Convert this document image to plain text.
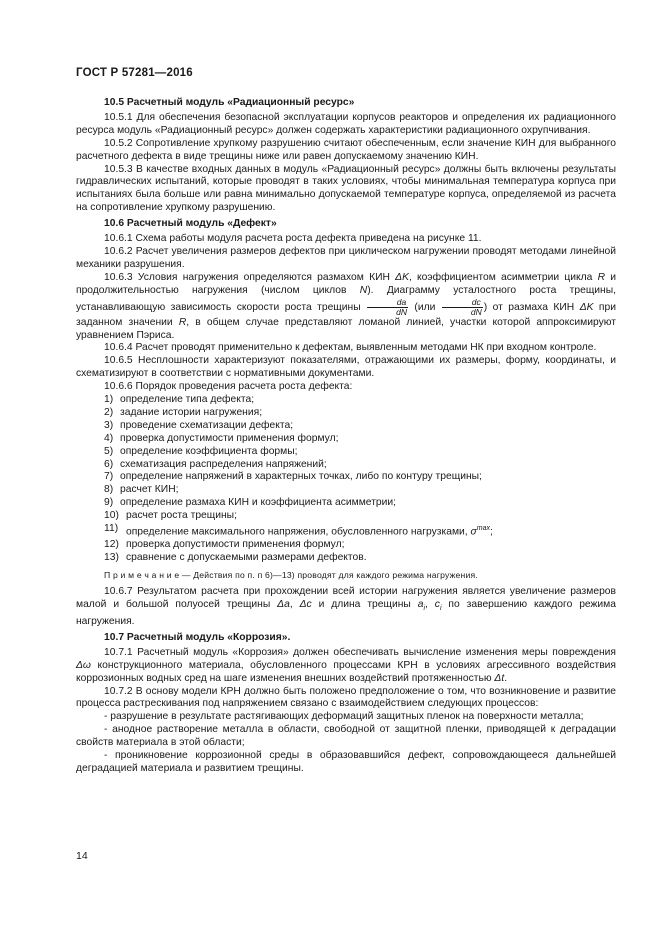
ГОСТ Р 57281—2016

10.5 Расчетный модуль «Радиационный ресурс»

10.5.1 Для обеспечения безопасной эксплуатации корпусов реакторов и определения их радиационного ресурса модуль «Радиационный ресурс» должен содержать характеристики радиационного охрупчивания.

10.5.2 Сопротивление хрупкому разрушению считают обеспеченным, если значение КИН для выбранного расчетного дефекта в виде трещины ниже или равен допускаемому значению КИН.

10.5.3 В качестве входных данных в модуль «Радиационный ресурс» должны быть включены результаты гидравлических испытаний, которые проводят в таких условиях, чтобы минимальная температура корпуса при испытаниях была больше или равна минимально допускаемой температуре корпуса, определяемой из расчета на сопротивление хрупкому разрушению.

10.6 Расчетный модуль «Дефект»

10.6.1 Схема работы модуля расчета роста дефекта приведена на рисунке 11.

10.6.2 Расчет увеличения размеров дефектов при циклическом нагружении проводят методами линейной механики разрушения.

10.6.3 Условия нагружения определяются размахом КИН ΔK, коэффициентом асимметрии цикла R и продолжительностью нагружения (числом циклов N). Диаграмму усталостного роста трещины, устанавливающую зависимость скорости роста трещины $\frac{da}{dN} (или \frac{dc}{dN}$ ) от размаха КИН ΔK при заданном значении R, в общем случае представляют ломаной линией, участки которой аппроксимируют уравнением Пэриса.

10.6.4 Расчет проводят применительно к дефектам, выявленным методами НК при входном контроле.

10.6.5 Несплошности характеризуют показателями, отражающими их размеры, форму, координаты, и схематизируют в соответствии с нормативными документами.

10.6.6 Порядок проведения расчета роста дефекта:

1) определение типа дефекта;
2) задание истории нагружения;
3) проведение схематизации дефекта;
4) проверка допустимости применения формул;
5) определение коэффициента формы;
6) схематизация распределения напряжений;
7) определение напряжений в характерных точках, либо по контуру трещины;
8) расчет КИН;
9) определение размаха КИН и коэффициента асимметрии;
10) расчет роста трещины;
11) определение максимального напряжения, обусловленного нагрузками, $\sigma^{max}$;
12) проверка допустимости применения формул;
13) сравнение с допускаемыми размерами дефектов.

П р и м е ч а н и е — Действия по п. п 6)—13) проводят для каждого режима нагружения.

10.6.7 Результатом расчета при прохождении всей истории нагружения является увеличение размеров малой и большой полуосей трещины Δa, Δc и длина трещины $a_i$, $c_i$ по завершению каждого режима нагружения.

10.7 Расчетный модуль «Коррозия».

10.7.1 Расчетный модуль «Коррозия» должен обеспечивать вычисление изменения меры повреждения Δω конструкционного материала, обусловленного процессами КРН в условиях агрессивного воздействия коррозионных водных сред на шаге изменения внешних воздействий протяженностью Δt.

10.7.2 В основу модели КРН должно быть положено предположение о том, что возникновение и развитие процесса растрескивания под напряжением связано с взаимодействием следующих процессов:

- разрушение в результате растягивающих деформаций защитных пленок на поверхности металла;

- анодное растворение металла в области, свободной от защитной пленки, приводящей к деградации свойств материала в этой области;

- проникновение коррозионной среды в образовавшийся дефект, сопровождающееся дальнейшей деградацией материала и развитием трещины.

14
